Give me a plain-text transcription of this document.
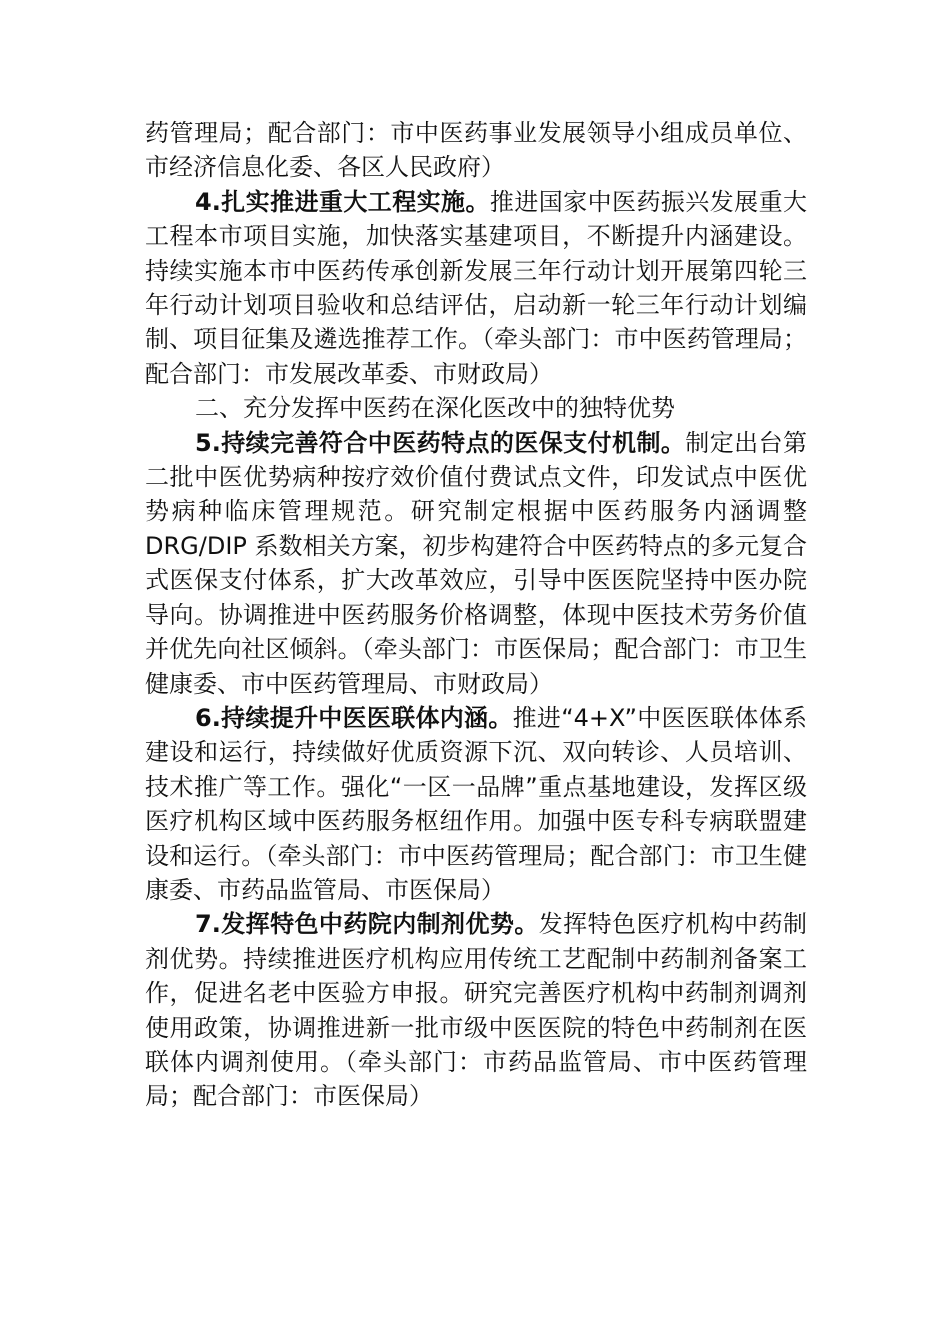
药管理局；配合部门：市中医药事业发展领导小组成员单位、市经济信息化委、各区人民政府）

4.扎实推进重大工程实施。推进国家中医药振兴发展重大工程本市项目实施，加快落实基建项目，不断提升内涵建设。持续实施本市中医药传承创新发展三年行动计划开展第四轮三年行动计划项目验收和总结评估，启动新一轮三年行动计划编制、项目征集及遴选推荐工作。（牵头部门：市中医药管理局；配合部门：市发展改革委、市财政局）

二、充分发挥中医药在深化医改中的独特优势

5.持续完善符合中医药特点的医保支付机制。制定出台第二批中医优势病种按疗效价值付费试点文件，印发试点中医优势病种临床管理规范。研究制定根据中医药服务内涵调整 DRG/DIP 系数相关方案，初步构建符合中医药特点的多元复合式医保支付体系，扩大改革效应，引导中医医院坚持中医办院导向。协调推进中医药服务价格调整，体现中医技术劳务价值并优先向社区倾斜。（牵头部门：市医保局；配合部门：市卫生健康委、市中医药管理局、市财政局）

6.持续提升中医医联体内涵。推进“4+X”中医医联体体系建设和运行，持续做好优质资源下沉、双向转诊、人员培训、技术推广等工作。强化“一区一品牌”重点基地建设，发挥区级医疗机构区域中医药服务枢纽作用。加强中医专科专病联盟建设和运行。（牵头部门：市中医药管理局；配合部门：市卫生健康委、市药品监管局、市医保局）

7.发挥特色中药院内制剂优势。发挥特色医疗机构中药制剂优势。持续推进医疗机构应用传统工艺配制中药制剂备案工作，促进名老中医验方申报。研究完善医疗机构中药制剂调剂使用政策，协调推进新一批市级中医医院的特色中药制剂在医联体内调剂使用。（牵头部门：市药品监管局、市中医药管理局；配合部门：市医保局）
